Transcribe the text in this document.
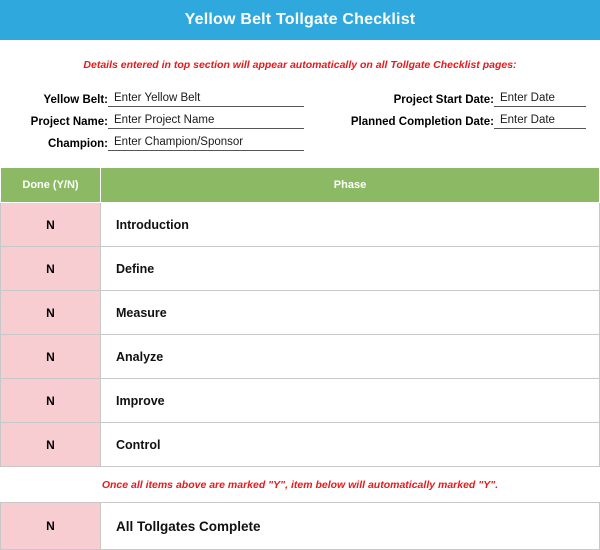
Yellow Belt Tollgate Checklist
Details entered in top section will appear automatically on all Tollgate Checklist pages:
Yellow Belt: Enter Yellow Belt
Project Name: Enter Project Name
Champion: Enter Champion/Sponsor
Project Start Date: Enter Date
Planned Completion Date: Enter Date
Done (Y/N)	Phase
N	Introduction
N	Define
N	Measure
N	Analyze
N	Improve
N	Control
Once all items above are marked "Y", item below will automatically marked "Y".
N	All Tollgates Complete
